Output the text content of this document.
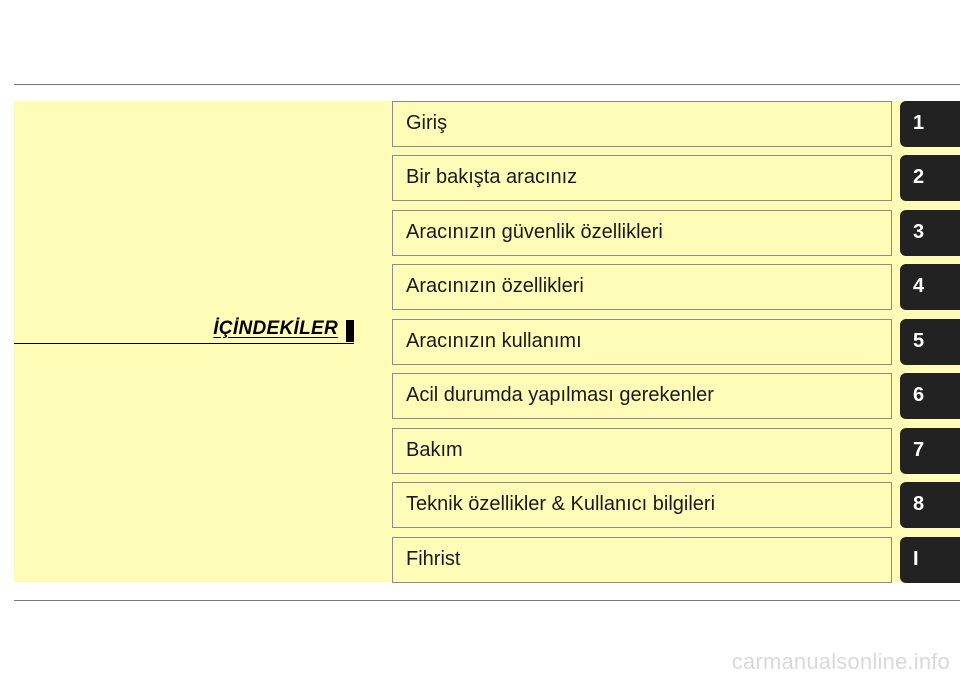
İÇİNDEKİLER
Giriş	1
Bir bakışta aracınız	2
Aracınızın güvenlik özellikleri	3
Aracınızın özellikleri	4
Aracınızın kullanımı	5
Acil durumda yapılması gerekenler	6
Bakım	7
Teknik özellikler & Kullanıcı bilgileri	8
Fihrist	I
carmanualsonline.info
